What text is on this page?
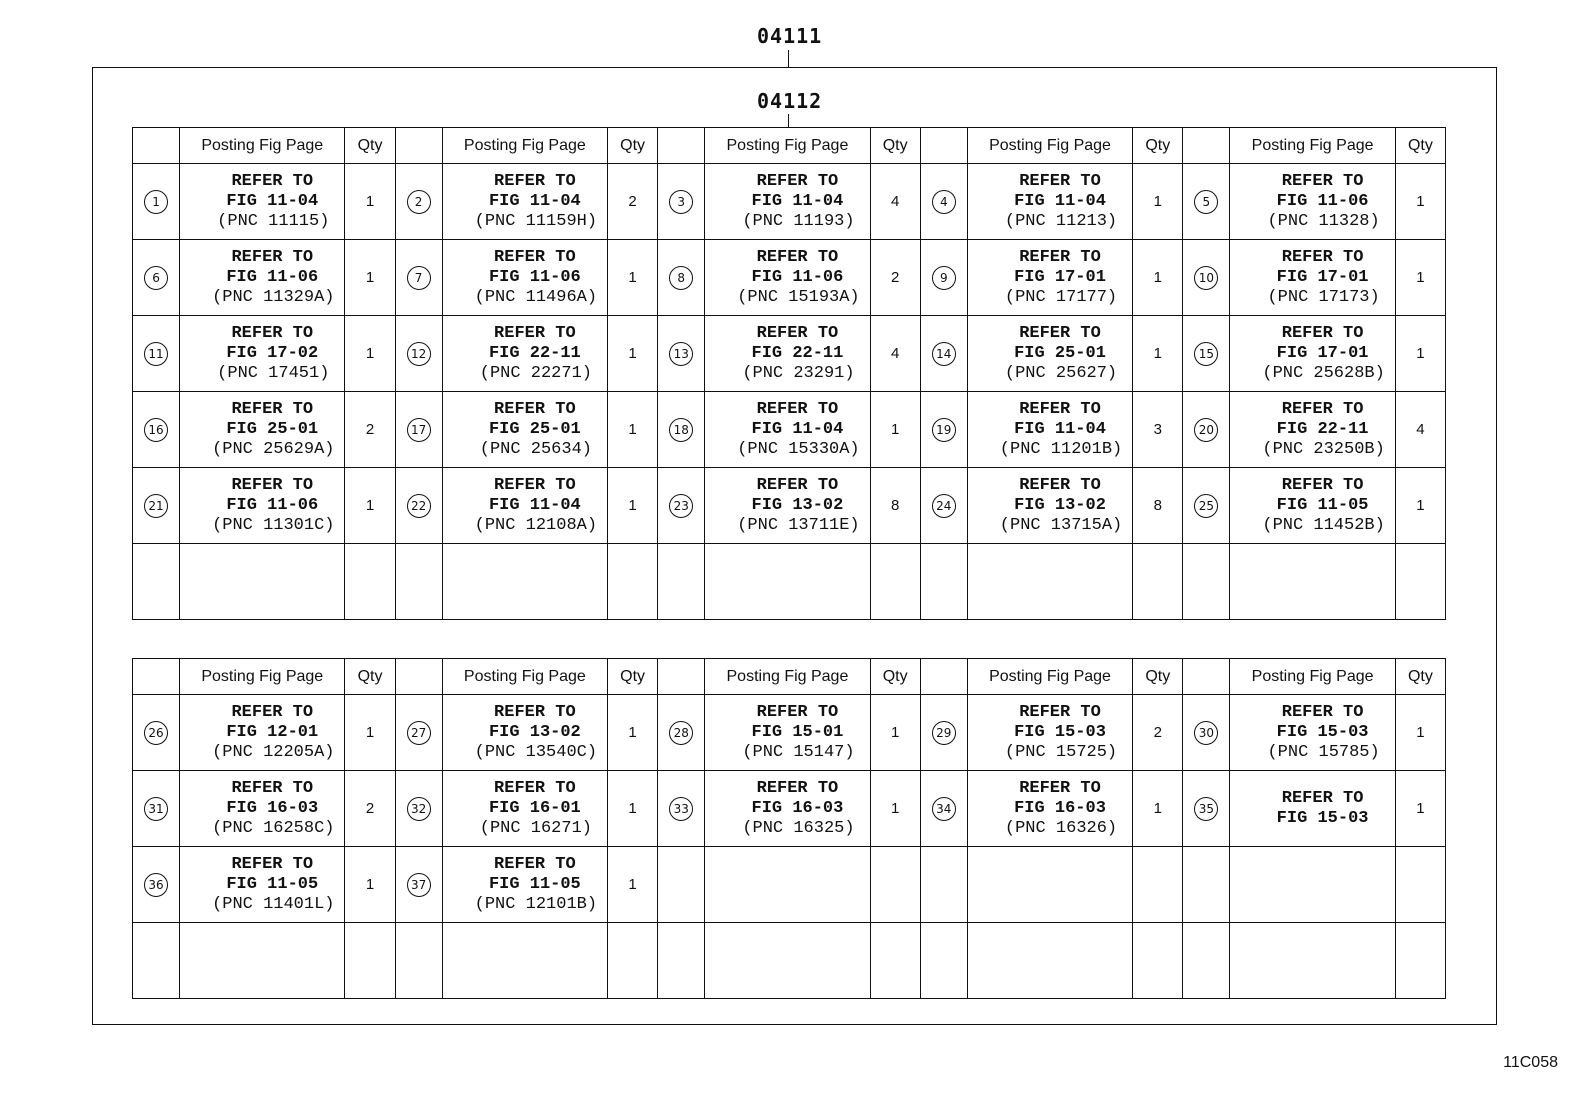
04111
04112
	Posting Fig Page	Qty		Posting Fig Page	Qty		Posting Fig Page	Qty		Posting Fig Page	Qty		Posting Fig Page	Qty
1	REFER TO
FIG 11-04
(PNC 11115)	1	2	REFER TO
FIG 11-04
(PNC 11159H)	2	3	REFER TO
FIG 11-04
(PNC 11193)	4	4	REFER TO
FIG 11-04
(PNC 11213)	1	5	REFER TO
FIG 11-06
(PNC 11328)	1
6	REFER TO
FIG 11-06
(PNC 11329A)	1	7	REFER TO
FIG 11-06
(PNC 11496A)	1	8	REFER TO
FIG 11-06
(PNC 15193A)	2	9	REFER TO
FIG 17-01
(PNC 17177)	1	10	REFER TO
FIG 17-01
(PNC 17173)	1
11	REFER TO
FIG 17-02
(PNC 17451)	1	12	REFER TO
FIG 22-11
(PNC 22271)	1	13	REFER TO
FIG 22-11
(PNC 23291)	4	14	REFER TO
FIG 25-01
(PNC 25627)	1	15	REFER TO
FIG 17-01
(PNC 25628B)	1
16	REFER TO
FIG 25-01
(PNC 25629A)	2	17	REFER TO
FIG 25-01
(PNC 25634)	1	18	REFER TO
FIG 11-04
(PNC 15330A)	1	19	REFER TO
FIG 11-04
(PNC 11201B)	3	20	REFER TO
FIG 22-11
(PNC 23250B)	4
21	REFER TO
FIG 11-06
(PNC 11301C)	1	22	REFER TO
FIG 11-04
(PNC 12108A)	1	23	REFER TO
FIG 13-02
(PNC 13711E)	8	24	REFER TO
FIG 13-02
(PNC 13715A)	8	25	REFER TO
FIG 11-05
(PNC 11452B)	1

	Posting Fig Page	Qty		Posting Fig Page	Qty		Posting Fig Page	Qty		Posting Fig Page	Qty		Posting Fig Page	Qty
26	REFER TO
FIG 12-01
(PNC 12205A)	1	27	REFER TO
FIG 13-02
(PNC 13540C)	1	28	REFER TO
FIG 15-01
(PNC 15147)	1	29	REFER TO
FIG 15-03
(PNC 15725)	2	30	REFER TO
FIG 15-03
(PNC 15785)	1
31	REFER TO
FIG 16-03
(PNC 16258C)	2	32	REFER TO
FIG 16-01
(PNC 16271)	1	33	REFER TO
FIG 16-03
(PNC 16325)	1	34	REFER TO
FIG 16-03
(PNC 16326)	1	35	REFER TO
FIG 15-03	1
36	REFER TO
FIG 11-05
(PNC 11401L)	1	37	REFER TO
FIG 11-05
(PNC 12101B)	1									

11C058
